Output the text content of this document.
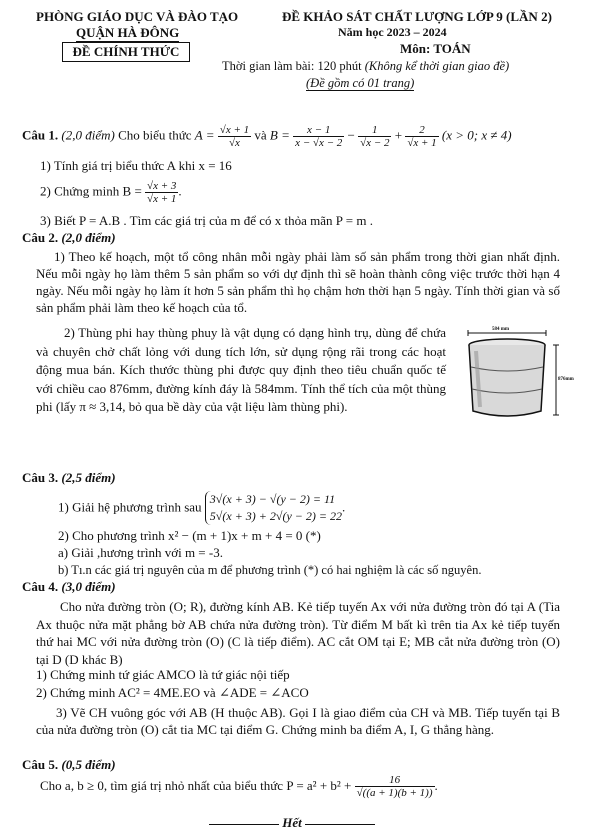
PHÒNG GIÁO DỤC VÀ ĐÀO TẠO
QUẬN HÀ ĐÔNG
ĐỀ CHÍNH THỨC
ĐỀ KHẢO SÁT CHẤT LƯỢNG LỚP 9 (LẦN 2)
Năm học 2023 – 2024
Môn: TOÁN
Thời gian làm bài: 120 phút (Không kể thời gian giao đề)
(Đề gồm có 01 trang)
Câu 1. (2,0 điểm) Cho biểu thức $A = \frac{√x + 1}{√x}$ và $B = \frac{x - 1}{x - √x - 2} - \frac{1}{√x - 2} + \frac{2}{√x + 1} (x > 0$; x ≠ 4)
1) Tính giá trị biểu thức A khi x = 16
2) Chứng minh $B = \frac{√x + 3}{√x + 1}$ .
3) Biết P = A.B . Tìm các giá trị của m để có x thỏa mãn P = m .
Câu 2. (2,0 điểm)
1) Theo kế hoạch, một tổ công nhân mỗi ngày phải làm số sản phẩm trong thời gian nhất định. Nếu mỗi ngày họ làm thêm 5 sản phẩm so với dự định thì sẽ hoàn thành công việc trước thời hạn 4 ngày. Nếu mỗi ngày họ làm ít hơn 5 sản phẩm thì họ chậm hơn thời hạn 5 ngày. Tính thời gian và số sản phẩm phải làm theo kế hoạch của tổ.
2) Thùng phi hay thùng phuy là vật dụng có dạng hình trụ, dùng để chứa và chuyên chở chất lỏng với dung tích lớn, sử dụng rộng rãi trong các hoạt động mua bán. Kích thước thùng phi được quy định theo tiêu chuẩn quốc tế với chiều cao 876mm, đường kính đáy là 584mm. Tính thể tích của một thùng phi (lấy π ≈ 3,14, bỏ qua bề dày của vật liệu làm thùng phi).
584 mm
876mm
Câu 3. (2,5 điểm)
1) Giải hệ phương trình sau
3√(x + 3) − √(y − 2) = 11
5√(x + 3) + 2√(y − 2) = 22
.
2) Cho phương trình x² − (m + 1)x + m + 4 = 0 (*)
a) Giải ,hương trình với m = -3.
b) Tı.n các giá trị nguyên của m để phương trình (*) có hai nghiệm là các số nguyên.
Câu 4. (3,0 điểm)
Cho nửa đường tròn (O; R), đường kính AB. Kẻ tiếp tuyến Ax với nửa đường tròn đó tại A (Tia Ax thuộc nửa mặt phẳng bờ AB chứa nửa đường tròn). Từ điểm M bất kì trên tia Ax kẻ tiếp tuyến thứ hai MC với nửa đường tròn (O) (C là tiếp điểm). AC cắt OM tại E; MB cắt nửa đường tròn (O) tại D (D khác B)
1) Chứng minh tứ giác AMCO là tứ giác nội tiếp
2) Chứng minh AC² = 4ME.EO và ∠ADE = ∠ACO
3) Vẽ CH vuông góc với AB (H thuộc AB). Gọi I là giao điểm của CH và MB. Tiếp tuyến tại B của nửa đường tròn (O) cắt tia MC tại điểm G. Chứng minh ba điểm A, I, G thẳng hàng.
Câu 5. (0,5 điểm)
Cho a, b ≥ 0, tìm giá trị nhỏ nhất của biểu thức $P = a^2 + b^2 + \frac{16}{√((a + 1)(b + 1))}$ .
Hết
